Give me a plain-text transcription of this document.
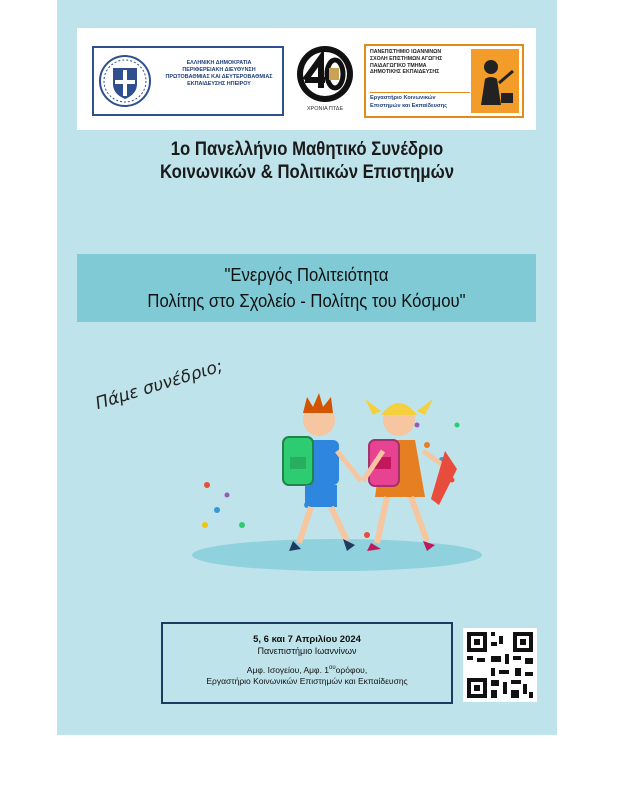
ΕΛΛΗΝΙΚΗ ΔΗΜΟΚΡΑΤΙΑ
ΠΕΡΙΦΕΡΕΙΑΚΗ ΔΙΕΥΘΥΝΣΗ
ΠΡΩΤΟΒΑΘΜΙΑΣ ΚΑΙ ΔΕΥΤΕΡΟΒΑΘΜΙΑΣ
ΕΚΠΑΙΔΕΥΣΗΣ ΗΠΕΙΡΟΥ
ΧΡΟΝΙΑ ΠΤΔΕ
ΠΑΝΕΠΙΣΤΗΜΙΟ ΙΩΑΝΝΙΝΩΝ
ΣΧΟΛΗ ΕΠΙΣΤΗΜΩΝ ΑΓΩΓΗΣ
ΠΑΙΔΑΓΩΓΙΚΟ ΤΜΗΜΑ
ΔΗΜΟΤΙΚΗΣ ΕΚΠΑΙΔΕΥΣΗΣ
Εργαστήριο Κοινωνικών
Επιστημών και Εκπαίδευσης
1ο Πανελλήνιο Μαθητικό Συνέδριο
Κοινωνικών & Πολιτικών Επιστημών
"Ενεργός Πολιτειότητα
Πολίτης στο Σχολείο - Πολίτης του Κόσμου"
Πάμε συνέδριο;
5, 6 και 7 Απριλίου 2024
Πανεπιστήμιο Ιωαννίνων
Αμφ. Ισογείου, Αμφ. $1^{o\upsilon}o\rho ό\varphi o\upsilon$,
Εργαστήριο Κοινωνικών Επιστημών και Εκπαίδευσης
